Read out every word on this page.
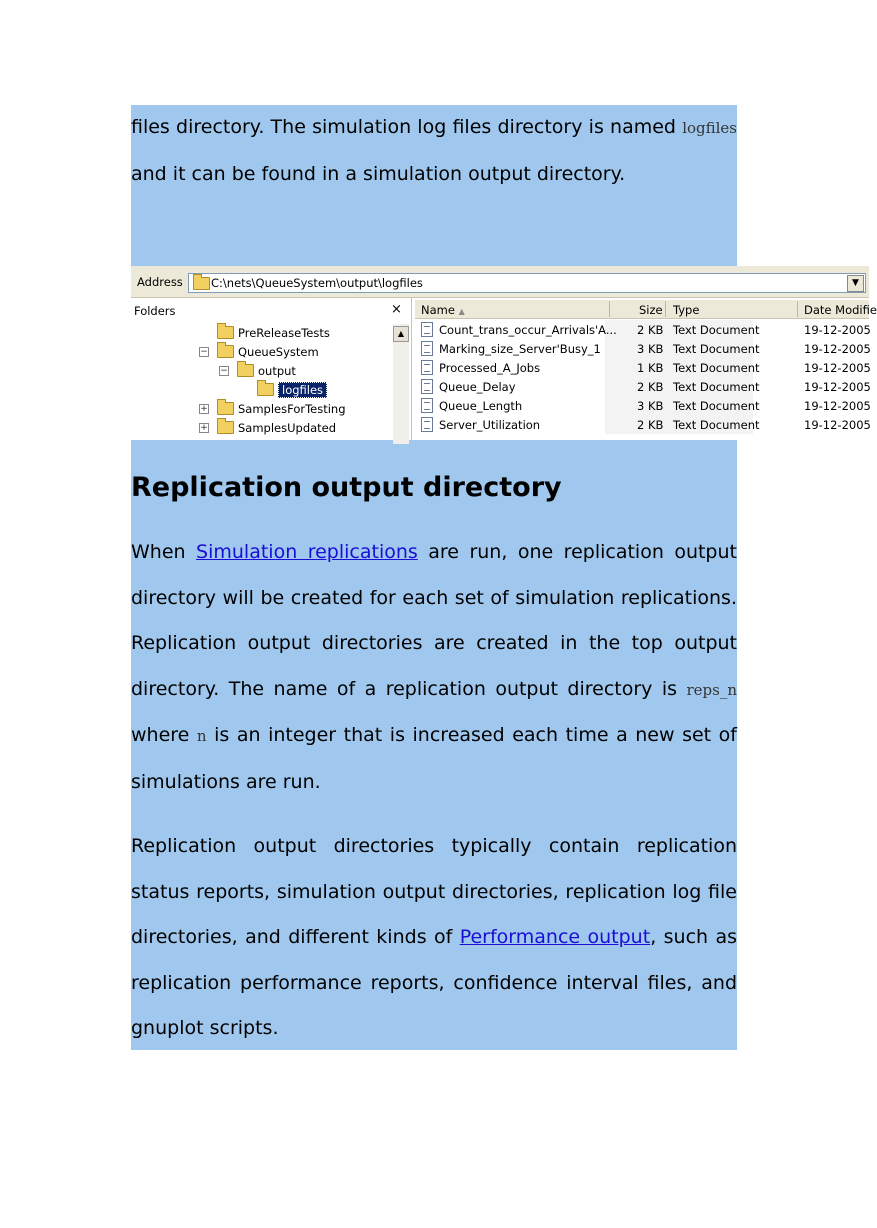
files directory. The simulation log files directory is named logfiles and it can be found in a simulation output directory.

Address C:\nets\QueueSystem\output\logfiles	▼
Folders	×
PreReleaseTests
−	QueueSystem
−	output
logfiles
+	SamplesForTesting
+	SamplesUpdated
▲
Name ▲	Size Type	Date Modifie
Count_trans_occur_Arrivals'A... 2 KB Text Document	19-12-2005
Marking_size_Server'Busy_1	3 KB Text Document	19-12-2005
Processed_A_Jobs	1 KB Text Document	19-12-2005
Queue_Delay	2 KB Text Document	19-12-2005
Queue_Length	3 KB Text Document	19-12-2005
Server_Utilization	2 KB Text Document	19-12-2005
Replication output directory

When Simulation replications are run, one replication output directory will be created for each set of simulation replications. Replication output directories are created in the top output directory. The name of a replication output directory is reps_n where n is an integer that is increased each time a new set of simulations are run.

Replication output directories typically contain replication status reports, simulation output directories, replication log file directories, and different kinds of Performance output, such as replication performance reports, confidence interval files, and gnuplot scripts.
